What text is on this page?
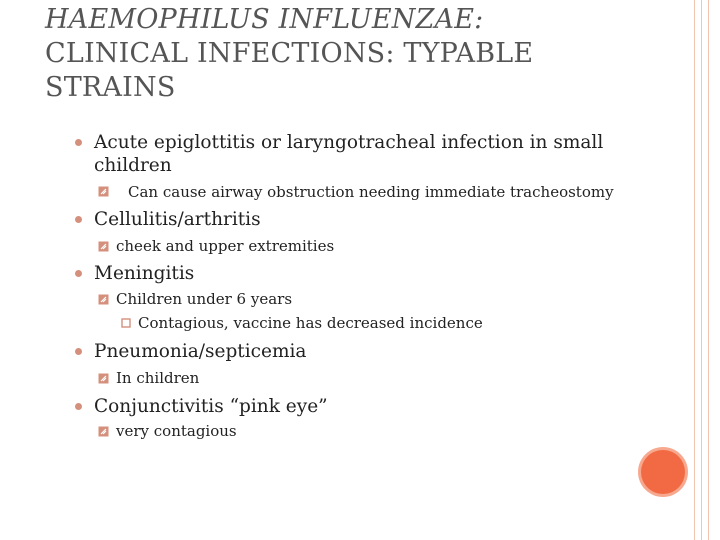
HAEMOPHILUS INFLUENZAE:
CLINICAL INFECTIONS: TYPABLE
STRAINS
Acute epiglottitis or laryngotracheal infection in small children
Can cause airway obstruction needing immediate tracheostomy
Cellulitis/arthritis
cheek and upper extremities
Meningitis
Children under 6 years
Contagious, vaccine has decreased incidence
Pneumonia/septicemia
In children
Conjunctivitis “pink eye”
very contagious
